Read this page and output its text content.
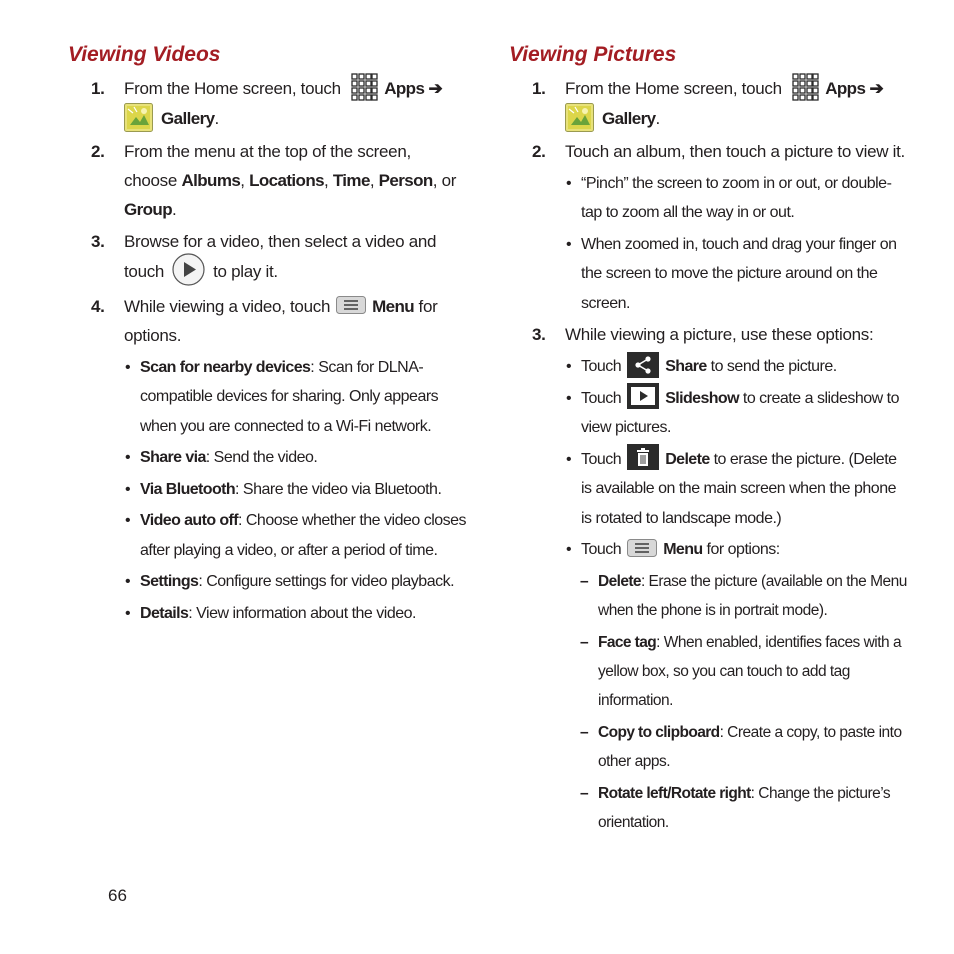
Viewing Videos
1. From the Home screen, touch	Apps ➔
Gallery.
2. From the menu at the top of the screen, choose Albums, Locations, Time, Person, or Group.
3. Browse for a video, then select a video and touch	to play it.
4. While viewing a video, touch Menu for options.
• Scan for nearby devices: Scan for DLNA-compatible devices for sharing. Only appears when you are connected to a Wi-Fi network.
• Share via: Send the video.
• Via Bluetooth: Share the video via Bluetooth.
• Video auto off: Choose whether the video closes after playing a video, or after a period of time.
• Settings: Configure settings for video playback.
• Details: View information about the video.
Viewing Pictures
1. From the Home screen, touch	Apps ➔
Gallery.
2. Touch an album, then touch a picture to view it.
• “Pinch” the screen to zoom in or out, or double-tap to zoom all the way in or out.
• When zoomed in, touch and drag your finger on the screen to move the picture around on the screen.
3. While viewing a picture, use these options:
• Touch	Share to send the picture.
• Touch	Slideshow to create a slideshow to view pictures.
• Touch	Delete to erase the picture. (Delete is available on the main screen when the phone is rotated to landscape mode.)
• Touch	Menu for options:
– Delete: Erase the picture (available on the Menu when the phone is in portrait mode).
– Face tag: When enabled, identifies faces with a yellow box, so you can touch to add tag information.
– Copy to clipboard: Create a copy, to paste into other apps.
– Rotate left/Rotate right: Change the picture’s orientation.
66
